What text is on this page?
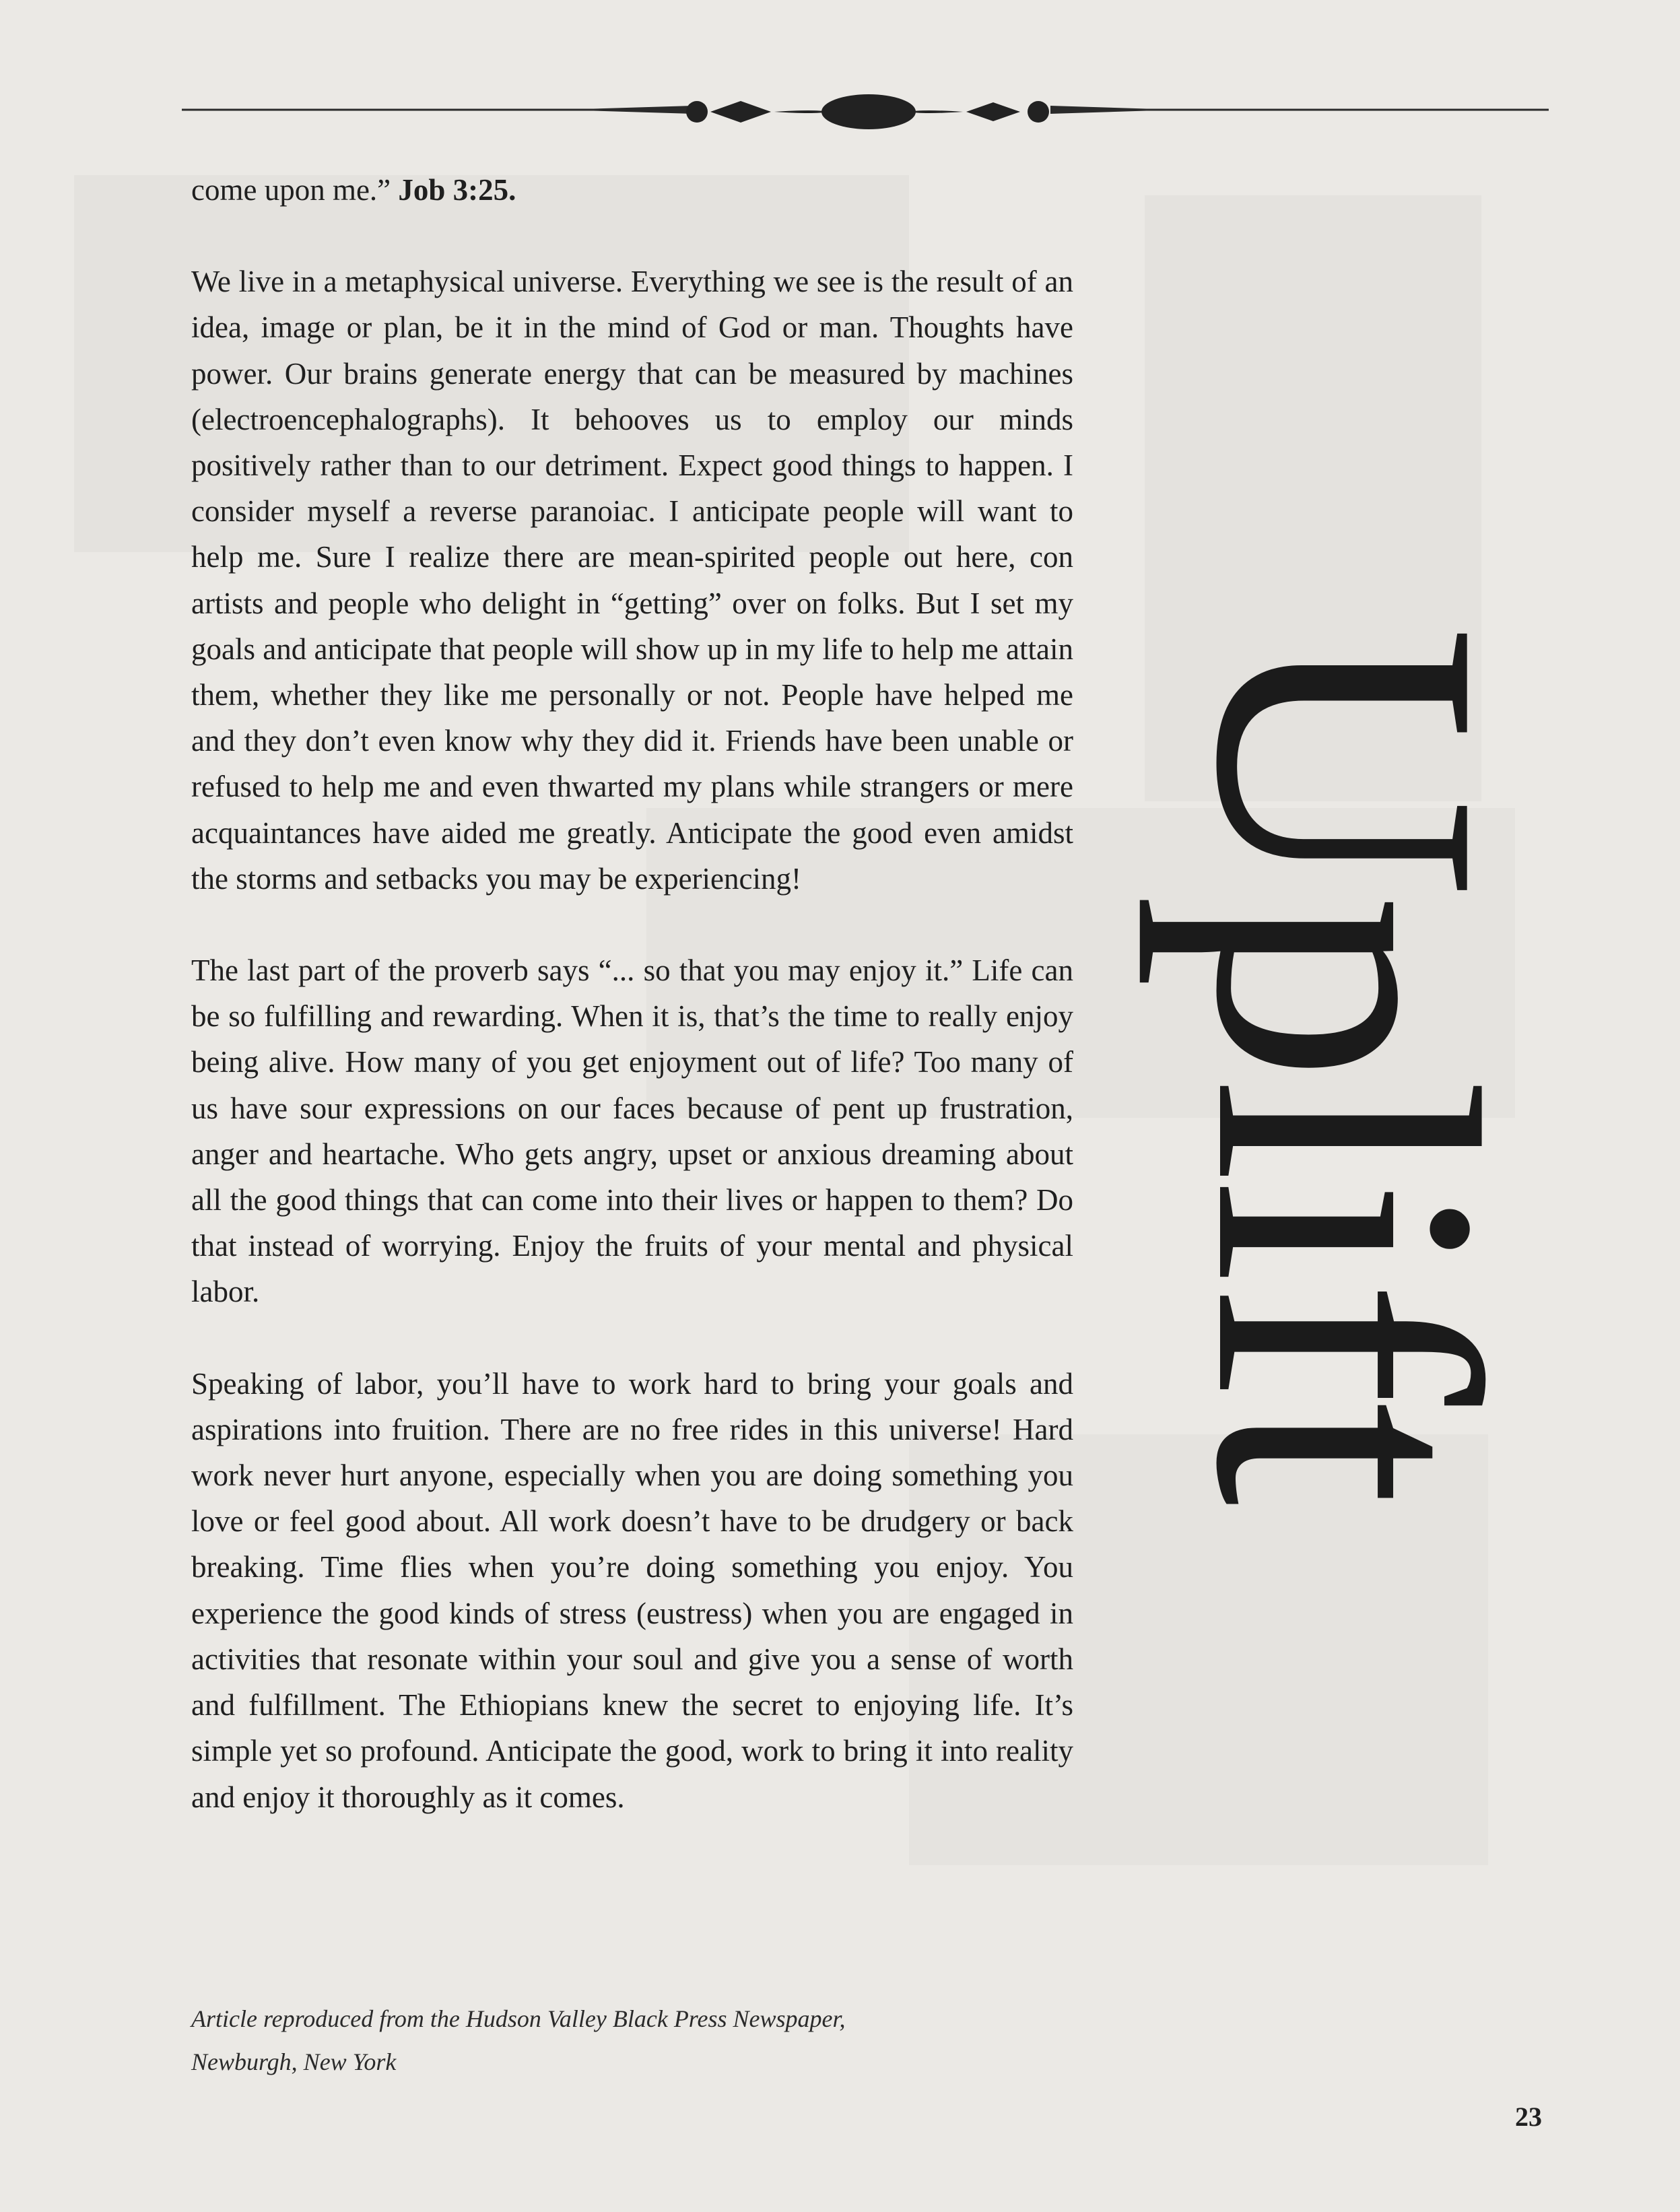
come upon me.” Job 3:25.

We live in a metaphysical universe. Everything we see is the result of an idea, image or plan, be it in the mind of God or man. Thoughts have power. Our brains generate energy that can be measured by machines (electroencephalographs). It behooves us to employ our minds positively rather than to our detriment. Expect good things to happen. I consider myself a reverse paranoiac. I anticipate people will want to help me. Sure I realize there are mean-spirited people out here, con artists and people who delight in “getting” over on folks. But I set my goals and anticipate that people will show up in my life to help me attain them, whether they like me personally or not. People have helped me and they don’t even know why they did it. Friends have been unable or refused to help me and even thwarted my plans while strangers or mere acquaintances have aided me greatly. Anticipate the good even amidst the storms and setbacks you may be experiencing!

The last part of the proverb says “... so that you may enjoy it.” Life can be so fulfilling and rewarding. When it is, that’s the time to really enjoy being alive. How many of you get enjoyment out of life? Too many of us have sour expressions on our faces because of pent up frustration, anger and heartache. Who gets angry, upset or anxious dreaming about all the good things that can come into their lives or happen to them? Do that instead of worrying. Enjoy the fruits of your mental and physical labor.

Speaking of labor, you’ll have to work hard to bring your goals and aspirations into fruition. There are no free rides in this universe! Hard work never hurt anyone, especially when you are doing something you love or feel good about. All work doesn’t have to be drudgery or back breaking. Time flies when you’re doing something you enjoy. You experience the good kinds of stress (eustress) when you are engaged in activities that resonate within your soul and give you a sense of worth and fulfillment. The Ethiopians knew the secret to enjoying life. It’s simple yet so profound. Anticipate the good, work to bring it into reality and enjoy it thoroughly as it comes.

Article reproduced from the Hudson Valley Black Press Newspaper,
Newburgh, New York
Uplift
23
